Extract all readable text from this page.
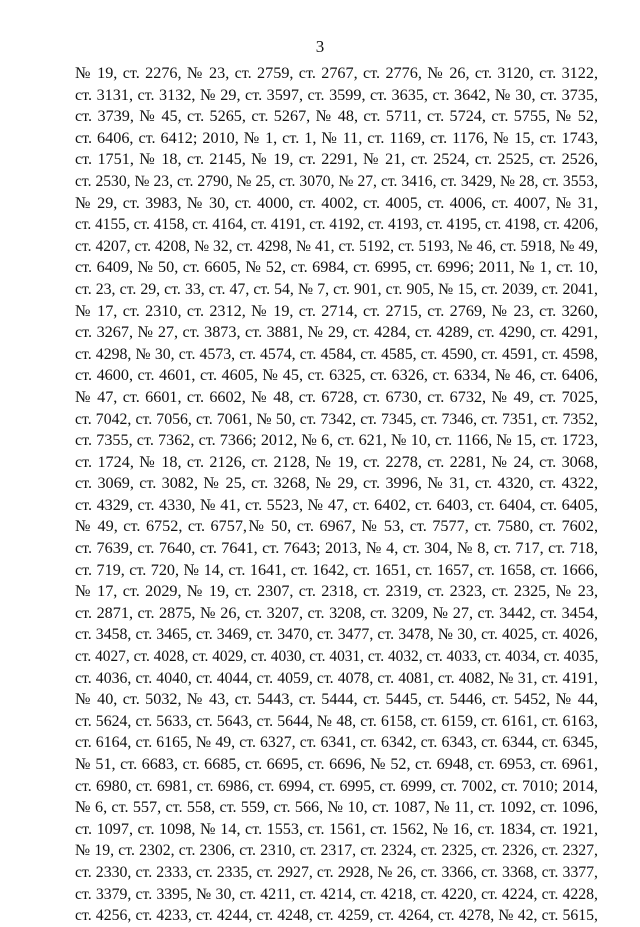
3
№ 19, ст. 2276, № 23, ст. 2759, ст. 2767, ст. 2776, № 26, ст. 3120, ст. 3122,
ст. 3131, ст. 3132, № 29, ст. 3597, ст. 3599, ст. 3635, ст. 3642, № 30, ст. 3735,
ст. 3739, № 45, ст. 5265, ст. 5267, № 48, ст. 5711, ст. 5724, ст. 5755, № 52,
ст. 6406, ст. 6412; 2010, № 1, ст. 1, № 11, ст. 1169, ст. 1176, № 15, ст. 1743,
ст. 1751, № 18, ст. 2145, № 19, ст. 2291, № 21, ст. 2524, ст. 2525, ст. 2526,
ст. 2530, № 23, ст. 2790, № 25, ст. 3070, № 27, ст. 3416, ст. 3429, № 28, ст. 3553,
№ 29, ст. 3983, № 30, ст. 4000, ст. 4002, ст. 4005, ст. 4006, ст. 4007, № 31,
ст. 4155, ст. 4158, ст. 4164, ст. 4191, ст. 4192, ст. 4193, ст. 4195, ст. 4198, ст. 4206,
ст. 4207, ст. 4208, № 32, ст. 4298, № 41, ст. 5192, ст. 5193, № 46, ст. 5918, № 49,
ст. 6409, № 50, ст. 6605, № 52, ст. 6984, ст. 6995, ст. 6996; 2011, № 1, ст. 10,
ст. 23, ст. 29, ст. 33, ст. 47, ст. 54, № 7, ст. 901, ст. 905, № 15, ст. 2039, ст. 2041,
№ 17, ст. 2310, ст. 2312, № 19, ст. 2714, ст. 2715, ст. 2769, № 23, ст. 3260,
ст. 3267, № 27, ст. 3873, ст. 3881, № 29, ст. 4284, ст. 4289, ст. 4290, ст. 4291,
ст. 4298, № 30, ст. 4573, ст. 4574, ст. 4584, ст. 4585, ст. 4590, ст. 4591, ст. 4598,
ст. 4600, ст. 4601, ст. 4605, № 45, ст. 6325, ст. 6326, ст. 6334, № 46, ст. 6406,
№ 47, ст. 6601, ст. 6602, № 48, ст. 6728, ст. 6730, ст. 6732, № 49, ст. 7025,
ст. 7042, ст. 7056, ст. 7061, № 50, ст. 7342, ст. 7345, ст. 7346, ст. 7351, ст. 7352,
ст. 7355, ст. 7362, ст. 7366; 2012, № 6, ст. 621, № 10, ст. 1166, № 15, ст. 1723,
ст. 1724, № 18, ст. 2126, ст. 2128, № 19, ст. 2278, ст. 2281, № 24, ст. 3068,
ст. 3069, ст. 3082, № 25, ст. 3268, № 29, ст. 3996, № 31, ст. 4320, ст. 4322,
ст. 4329, ст. 4330, № 41, ст. 5523, № 47, ст. 6402, ст. 6403, ст. 6404, ст. 6405,
№ 49, ст. 6752, ст. 6757,№ 50, ст. 6967, № 53, ст. 7577, ст. 7580, ст. 7602,
ст. 7639, ст. 7640, ст. 7641, ст. 7643; 2013, № 4, ст. 304, № 8, ст. 717, ст. 718,
ст. 719, ст. 720, № 14, ст. 1641, ст. 1642, ст. 1651, ст. 1657, ст. 1658, ст. 1666,
№ 17, ст. 2029, № 19, ст. 2307, ст. 2318, ст. 2319, ст. 2323, ст. 2325, № 23,
ст. 2871, ст. 2875, № 26, ст. 3207, ст. 3208, ст. 3209, № 27, ст. 3442, ст. 3454,
ст. 3458, ст. 3465, ст. 3469, ст. 3470, ст. 3477, ст. 3478, № 30, ст. 4025, ст. 4026,
ст. 4027, ст. 4028, ст. 4029, ст. 4030, ст. 4031, ст. 4032, ст. 4033, ст. 4034, ст. 4035,
ст. 4036, ст. 4040, ст. 4044, ст. 4059, ст. 4078, ст. 4081, ст. 4082, № 31, ст. 4191,
№ 40, ст. 5032, № 43, ст. 5443, ст. 5444, ст. 5445, ст. 5446, ст. 5452, № 44,
ст. 5624, ст. 5633, ст. 5643, ст. 5644, № 48, ст. 6158, ст. 6159, ст. 6161, ст. 6163,
ст. 6164, ст. 6165, № 49, ст. 6327, ст. 6341, ст. 6342, ст. 6343, ст. 6344, ст. 6345,
№ 51, ст. 6683, ст. 6685, ст. 6695, ст. 6696, № 52, ст. 6948, ст. 6953, ст. 6961,
ст. 6980, ст. 6981, ст. 6986, ст. 6994, ст. 6995, ст. 6999, ст. 7002, ст. 7010; 2014,
№ 6, ст. 557, ст. 558, ст. 559, ст. 566, № 10, ст. 1087, № 11, ст. 1092, ст. 1096,
ст. 1097, ст. 1098, № 14, ст. 1553, ст. 1561, ст. 1562, № 16, ст. 1834, ст. 1921,
№ 19, ст. 2302, ст. 2306, ст. 2310, ст. 2317, ст. 2324, ст. 2325, ст. 2326, ст. 2327,
ст. 2330, ст. 2333, ст. 2335, ст. 2927, ст. 2928, № 26, ст. 3366, ст. 3368, ст. 3377,
ст. 3379, ст. 3395, № 30, ст. 4211, ст. 4214, ст. 4218, ст. 4220, ст. 4224, ст. 4228,
ст. 4256, ст. 4233, ст. 4244, ст. 4248, ст. 4259, ст. 4264, ст. 4278, № 42, ст. 5615,
